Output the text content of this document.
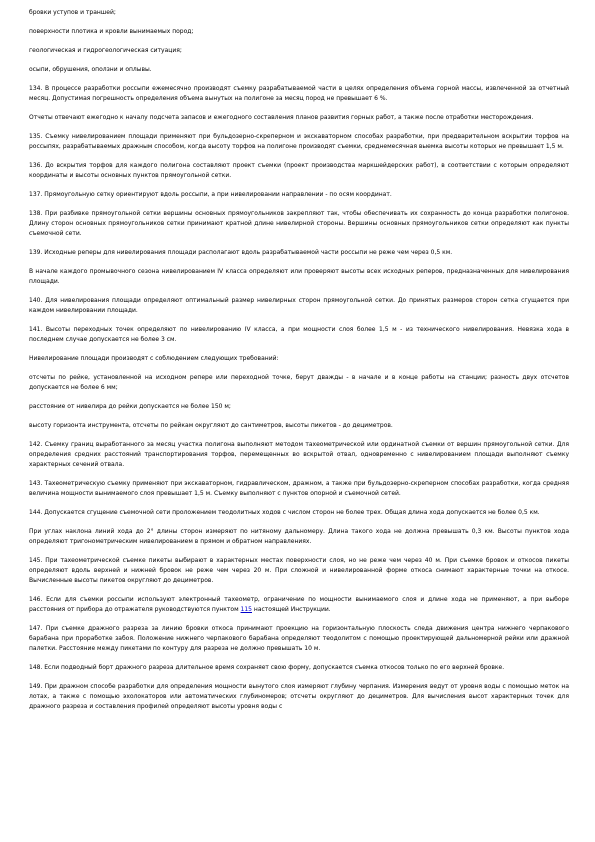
бровки уступов и траншей;

поверхности плотика и кровли вынимаемых пород;

геологическая и гидрогеологическая ситуация;

осыпи, обрушения, оползни и оплывы.

134. В процессе разработки россыпи ежемесячно производят съемку разрабатываемой части в целях определения объема горной массы, извлеченной за отчетный месяц. Допустимая погрешность определения объема вынутых на полигоне за месяц пород не превышает 6 %.

Отчеты отвечают ежегодно к началу подсчета запасов и ежегодного составления планов развития горных работ, а также после отработки месторождения.

135. Съемку нивелированием площади применяют при бульдозерно-скреперном и экскаваторном способах разработки, при предварительном вскрытии торфов на россыпях, разрабатываемых дражным способом, когда высоту торфов на полигоне производят съемки, среднемесячная выемка высоты которых не превышает 1,5 м.

136. До вскрытия торфов для каждого полигона составляют проект съемки (проект производства маркшейдерских работ), в соответствии с которым определяют координаты и высоты основных пунктов прямоугольной сетки.

137. Прямоугольную сетку ориентируют вдоль россыпи, а при нивелировании направлении - по осям координат.

138. При разбивке прямоугольной сетки вершины основных прямоугольников закрепляют так, чтобы обеспечивать их сохранность до конца разработки полигонов. Длину сторон основных прямоугольников сетки принимают кратной длине нивелирной стороны. Вершины основных прямоугольников сетки определяют как пункты съемочной сети.

139. Исходные реперы для нивелирования площади располагают вдоль разрабатываемой части россыпи не реже чем через 0,5 км.

В начале каждого промывочного сезона нивелированием IV класса определяют или проверяют высоты всех исходных реперов, предназначенных для нивелирования площади.

140. Для нивелирования площади определяют оптимальный размер нивелирных сторон прямоугольной сетки. До принятых размеров сторон сетка сгущается при каждом нивелировании площади.

141. Высоты переходных точек определяют по нивелированию IV класса, а при мощности слоя более 1,5 м - из технического нивелирования. Невязка хода в последнем случае допускается не более 3 см.

Нивелирование площади производят с соблюдением следующих требований:

отсчеты по рейке, установленной на исходном репере или переходной точке, берут дважды - в начале и в конце работы на станции; разность двух отсчетов допускается не более 6 мм;

расстояние от нивелира до рейки допускается не более 150 м;

высоту горизонта инструмента, отсчеты по рейкам округляют до сантиметров, высоты пикетов - до дециметров.

142. Съемку границ выработанного за месяц участка полигона выполняют методом тахеометрической или ординатной съемки от вершин прямоугольной сетки. Для определения средних расстояний транспортирования торфов, перемещенных во вскрытой отвал, одновременно с нивелированием площади выполняют съемку характерных сечений отвала.

143. Тахеометрическую съемку применяют при экскаваторном, гидравлическом, дражном, а также при бульдозерно-скреперном способах разработки, когда средняя величина мощности вынимаемого слоя превышает 1,5 м. Съемку выполняют с пунктов опорной и съемочной сетей.

144. Допускается сгущение съемочной сети проложением теодолитных ходов с числом сторон не более трех. Общая длина хода допускается не более 0,5 км.

При углах наклона линий хода до 2° длины сторон измеряют по нитяному дальномеру. Длина такого хода не должна превышать 0,3 км. Высоты пунктов хода определяют тригонометрическим нивелированием в прямом и обратном направлениях.

145. При тахеометрической съемке пикеты выбирают в характерных местах поверхности слоя, но не реже чем через 40 м. При съемке бровок и откосов пикеты определяют вдоль верхней и нижней бровок не реже чем через 20 м. При сложной и нивелированной форме откоса снимают характерные точки на откосе. Вычисленные высоты пикетов округляют до дециметров.

146. Если для съемки россыпи используют электронный тахеометр, ограничение по мощности вынимаемого слоя и длине хода не применяют, а при выборе расстояния от прибора до отражателя руководствуются пунктом 115 настоящей Инструкции.

147. При съемке дражного разреза за линию бровки откоса принимают проекцию на горизонтальную плоскость следа движения центра нижнего черпакового барабана при проработке забоя. Положение нижнего черпакового барабана определяют теодолитом с помощью проектирующей дальномерной рейки или дражной палетки. Расстояние между пикетами по контуру для разреза не должно превышать 10 м.

148. Если подводный борт дражного разреза длительное время сохраняет свою форму, допускается съемка откосов только по его верхней бровке.

149. При дражном способе разработки для определения мощности вынутого слоя измеряют глубину черпания. Измерения ведут от уровня воды с помощью меток на лотах, а также с помощью эхолокаторов или автоматических глубиномеров; отсчеты округляют до дециметров. Для вычисления высот характерных точек для дражного разреза и составления профилей определяют высоты уровня воды с
